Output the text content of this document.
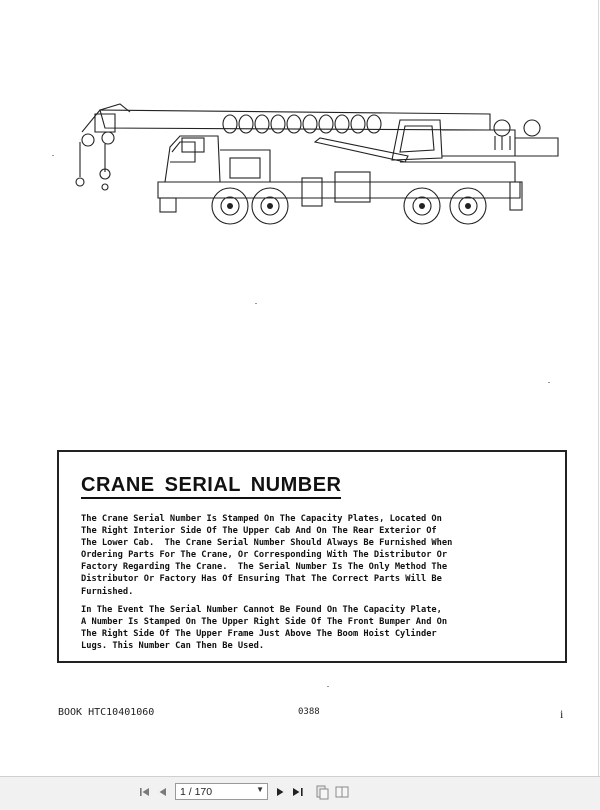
CRANE SERIAL NUMBER

The Crane Serial Number Is Stamped On The Capacity Plates, Located On
The Right Interior Side Of The Upper Cab And On The Rear Exterior Of
The Lower Cab.  The Crane Serial Number Should Always Be Furnished When
Ordering Parts For The Crane, Or Corresponding With The Distributor Or
Factory Regarding The Crane.  The Serial Number Is The Only Method The
Distributor Or Factory Has Of Ensuring That The Correct Parts Will Be
Furnished.

In The Event The Serial Number Cannot Be Found On The Capacity Plate,
A Number Is Stamped On The Upper Right Side Of The Front Bumper And On
The Right Side Of The Upper Frame Just Above The Boom Hoist Cylinder
Lugs. This Number Can Then Be Used.

BOOK HTC10401060	0388	i
1 / 170	▼
